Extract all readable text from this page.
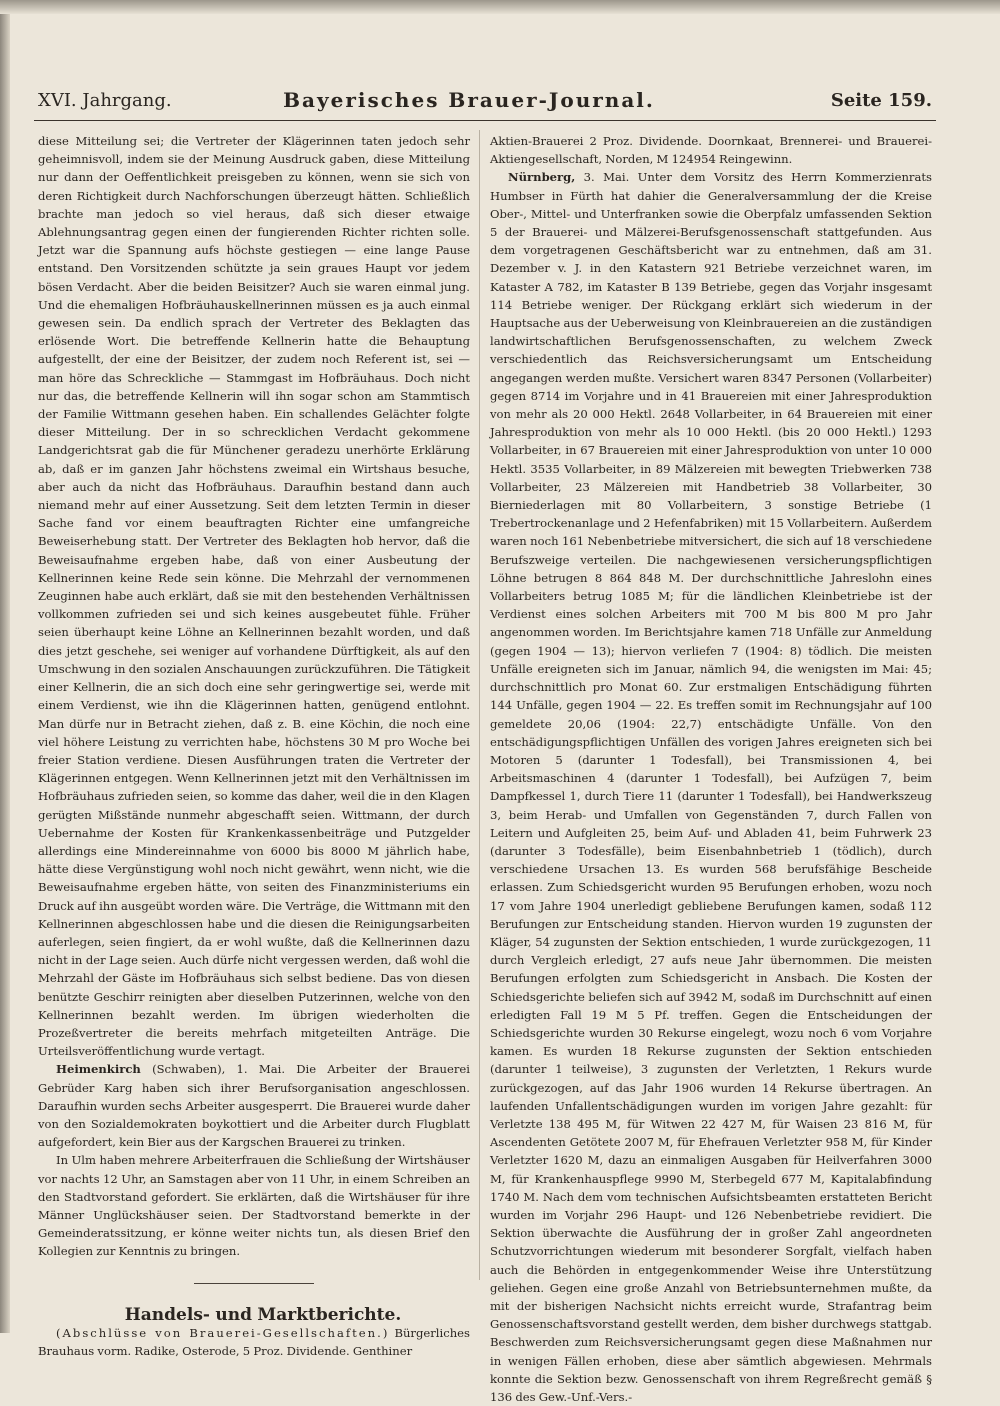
XVI. Jahrgang.	Bayerisches Brauer-Journal.	Seite 159.

diese Mitteilung sei; die Vertreter der Klägerinnen taten jedoch sehr geheimnisvoll, indem sie der Meinung Ausdruck gaben, diese Mitteilung nur dann der Oeffentlichkeit preisgeben zu können, wenn sie sich von deren Richtigkeit durch Nachforschungen überzeugt hätten. Schließlich brachte man jedoch so viel heraus, daß sich dieser etwaige Ablehnungsantrag gegen einen der fungierenden Richter richten solle. Jetzt war die Spannung aufs höchste gestiegen — eine lange Pause entstand. Den Vorsitzenden schützte ja sein graues Haupt vor jedem bösen Verdacht. Aber die beiden Beisitzer? Auch sie waren einmal jung. Und die ehemaligen Hofbräuhauskellnerinnen müssen es ja auch einmal gewesen sein. Da endlich sprach der Vertreter des Beklagten das erlösende Wort. Die betreffende Kellnerin hatte die Behauptung aufgestellt, der eine der Beisitzer, der zudem noch Referent ist, sei — man höre das Schreckliche — Stammgast im Hofbräuhaus. Doch nicht nur das, die betreffende Kellnerin will ihn sogar schon am Stammtisch der Familie Wittmann gesehen haben. Ein schallendes Gelächter folgte dieser Mitteilung. Der in so schrecklichen Verdacht gekommene Landgerichtsrat gab die für Münchener geradezu unerhörte Erklärung ab, daß er im ganzen Jahr höchstens zweimal ein Wirtshaus besuche, aber auch da nicht das Hofbräuhaus. Daraufhin bestand dann auch niemand mehr auf einer Aussetzung. Seit dem letzten Termin in dieser Sache fand vor einem beauftragten Richter eine umfangreiche Beweiserhebung statt. Der Vertreter des Beklagten hob hervor, daß die Beweisaufnahme ergeben habe, daß von einer Ausbeutung der Kellnerinnen keine Rede sein könne. Die Mehrzahl der vernommenen Zeuginnen habe auch erklärt, daß sie mit den bestehenden Verhältnissen vollkommen zufrieden sei und sich keines ausgebeutet fühle. Früher seien überhaupt keine Löhne an Kellnerinnen bezahlt worden, und daß dies jetzt geschehe, sei weniger auf vorhandene Dürftigkeit, als auf den Umschwung in den sozialen Anschauungen zurückzuführen. Die Tätigkeit einer Kellnerin, die an sich doch eine sehr geringwertige sei, werde mit einem Verdienst, wie ihn die Klägerinnen hatten, genügend entlohnt. Man dürfe nur in Betracht ziehen, daß z. B. eine Köchin, die noch eine viel höhere Leistung zu verrichten habe, höchstens 30 M pro Woche bei freier Station verdiene. Diesen Ausführungen traten die Vertreter der Klägerinnen entgegen. Wenn Kellnerinnen jetzt mit den Verhältnissen im Hofbräuhaus zufrieden seien, so komme das daher, weil die in den Klagen gerügten Mißstände nunmehr abgeschafft seien. Wittmann, der durch Uebernahme der Kosten für Krankenkassenbeiträge und Putzgelder allerdings eine Mindereinnahme von 6000 bis 8000 M jährlich habe, hätte diese Vergünstigung wohl noch nicht gewährt, wenn nicht, wie die Beweisaufnahme ergeben hätte, von seiten des Finanzministeriums ein Druck auf ihn ausgeübt worden wäre. Die Verträge, die Wittmann mit den Kellnerinnen abgeschlossen habe und die diesen die Reinigungsarbeiten auferlegen, seien fingiert, da er wohl wußte, daß die Kellnerinnen dazu nicht in der Lage seien. Auch dürfe nicht vergessen werden, daß wohl die Mehrzahl der Gäste im Hofbräuhaus sich selbst bediene. Das von diesen benützte Geschirr reinigten aber dieselben Putzerinnen, welche von den Kellnerinnen bezahlt werden. Im übrigen wiederholten die Prozeßvertreter die bereits mehrfach mitgeteilten Anträge. Die Urteilsveröffentlichung wurde vertagt.

Heimenkirch (Schwaben), 1. Mai. Die Arbeiter der Brauerei Gebrüder Karg haben sich ihrer Berufsorganisation angeschlossen. Daraufhin wurden sechs Arbeiter ausgesperrt. Die Brauerei wurde daher von den Sozialdemokraten boykottiert und die Arbeiter durch Flugblatt aufgefordert, kein Bier aus der Kargschen Brauerei zu trinken.

In Ulm haben mehrere Arbeiterfrauen die Schließung der Wirtshäuser vor nachts 12 Uhr, an Samstagen aber von 11 Uhr, in einem Schreiben an den Stadtvorstand gefordert. Sie erklärten, daß die Wirtshäuser für ihre Männer Unglückshäuser seien. Der Stadtvorstand bemerkte in der Gemeinderatssitzung, er könne weiter nichts tun, als diesen Brief den Kollegien zur Kenntnis zu bringen.

Handels- und Marktberichte.

(Abschlüsse von Brauerei-Gesellschaften.) Bürgerliches Brauhaus vorm. Radike, Osterode, 5 Proz. Dividende. Genthiner

Aktien-Brauerei 2 Proz. Dividende. Doornkaat, Brennerei- und Brauerei-Aktiengesellschaft, Norden, M 124954 Reingewinn.

Nürnberg, 3. Mai. Unter dem Vorsitz des Herrn Kommerzienrats Humbser in Fürth hat dahier die Generalversammlung der die Kreise Ober-, Mittel- und Unterfranken sowie die Oberpfalz umfassenden Sektion 5 der Brauerei- und Mälzerei-Berufsgenossenschaft stattgefunden. Aus dem vorgetragenen Geschäftsbericht war zu entnehmen, daß am 31. Dezember v. J. in den Katastern 921 Betriebe verzeichnet waren, im Kataster A 782, im Kataster B 139 Betriebe, gegen das Vorjahr insgesamt 114 Betriebe weniger. Der Rückgang erklärt sich wiederum in der Hauptsache aus der Ueberweisung von Kleinbrauereien an die zuständigen landwirtschaftlichen Berufsgenossenschaften, zu welchem Zweck verschiedentlich das Reichsversicherungsamt um Entscheidung angegangen werden mußte. Versichert waren 8347 Personen (Vollarbeiter) gegen 8714 im Vorjahre und in 41 Brauereien mit einer Jahresproduktion von mehr als 20 000 Hektl. 2648 Vollarbeiter, in 64 Brauereien mit einer Jahresproduktion von mehr als 10 000 Hektl. (bis 20 000 Hektl.) 1293 Vollarbeiter, in 67 Brauereien mit einer Jahresproduktion von unter 10 000 Hektl. 3535 Vollarbeiter, in 89 Mälzereien mit bewegten Triebwerken 738 Vollarbeiter, 23 Mälzereien mit Handbetrieb 38 Vollarbeiter, 30 Bierniederlagen mit 80 Vollarbeitern, 3 sonstige Betriebe (1 Trebertrockenanlage und 2 Hefenfabriken) mit 15 Vollarbeitern. Außerdem waren noch 161 Nebenbetriebe mitversichert, die sich auf 18 verschiedene Berufszweige verteilen. Die nachgewiesenen versicherungspflichtigen Löhne betrugen 8 864 848 M. Der durchschnittliche Jahreslohn eines Vollarbeiters betrug 1085 M; für die ländlichen Kleinbetriebe ist der Verdienst eines solchen Arbeiters mit 700 M bis 800 M pro Jahr angenommen worden. Im Berichtsjahre kamen 718 Unfälle zur Anmeldung (gegen 1904 — 13); hiervon verliefen 7 (1904: 8) tödlich. Die meisten Unfälle ereigneten sich im Januar, nämlich 94, die wenigsten im Mai: 45; durchschnittlich pro Monat 60. Zur erstmaligen Entschädigung führten 144 Unfälle, gegen 1904 — 22. Es treffen somit im Rechnungsjahr auf 100 gemeldete 20,06 (1904: 22,7) entschädigte Unfälle. Von den entschädigungspflichtigen Unfällen des vorigen Jahres ereigneten sich bei Motoren 5 (darunter 1 Todesfall), bei Transmissionen 4, bei Arbeitsmaschinen 4 (darunter 1 Todesfall), bei Aufzügen 7, beim Dampfkessel 1, durch Tiere 11 (darunter 1 Todesfall), bei Handwerkszeug 3, beim Herab- und Umfallen von Gegenständen 7, durch Fallen von Leitern und Aufgleiten 25, beim Auf- und Abladen 41, beim Fuhrwerk 23 (darunter 3 Todesfälle), beim Eisenbahnbetrieb 1 (tödlich), durch verschiedene Ursachen 13. Es wurden 568 berufsfähige Bescheide erlassen. Zum Schiedsgericht wurden 95 Berufungen erhoben, wozu noch 17 vom Jahre 1904 unerledigt gebliebene Berufungen kamen, sodaß 112 Berufungen zur Entscheidung standen. Hiervon wurden 19 zugunsten der Kläger, 54 zugunsten der Sektion entschieden, 1 wurde zurückgezogen, 11 durch Vergleich erledigt, 27 aufs neue Jahr übernommen. Die meisten Berufungen erfolgten zum Schiedsgericht in Ansbach. Die Kosten der Schiedsgerichte beliefen sich auf 3942 M, sodaß im Durchschnitt auf einen erledigten Fall 19 M 5 Pf. treffen. Gegen die Entscheidungen der Schiedsgerichte wurden 30 Rekurse eingelegt, wozu noch 6 vom Vorjahre kamen. Es wurden 18 Rekurse zugunsten der Sektion entschieden (darunter 1 teilweise), 3 zugunsten der Verletzten, 1 Rekurs wurde zurückgezogen, auf das Jahr 1906 wurden 14 Rekurse übertragen. An laufenden Unfallentschädigungen wurden im vorigen Jahre gezahlt: für Verletzte 138 495 M, für Witwen 22 427 M, für Waisen 23 816 M, für Ascendenten Getötete 2007 M, für Ehefrauen Verletzter 958 M, für Kinder Verletzter 1620 M, dazu an einmaligen Ausgaben für Heilverfahren 3000 M, für Krankenhauspflege 9990 M, Sterbegeld 677 M, Kapitalabfindung 1740 M. Nach dem vom technischen Aufsichtsbeamten erstatteten Bericht wurden im Vorjahr 296 Haupt- und 126 Nebenbetriebe revidiert. Die Sektion überwachte die Ausführung der in großer Zahl angeordneten Schutzvorrichtungen wiederum mit besonderer Sorgfalt, vielfach haben auch die Behörden in entgegenkommender Weise ihre Unterstützung geliehen. Gegen eine große Anzahl von Betriebsunternehmen mußte, da mit der bisherigen Nachsicht nichts erreicht wurde, Strafantrag beim Genossenschaftsvorstand gestellt werden, dem bisher durchwegs stattgab. Beschwerden zum Reichsversicherungsamt gegen diese Maßnahmen nur in wenigen Fällen erhoben, diese aber sämtlich abgewiesen. Mehrmals konnte die Sektion bezw. Genossenschaft von ihrem Regreßrecht gemäß § 136 des Gew.-Unf.-Vers.-
